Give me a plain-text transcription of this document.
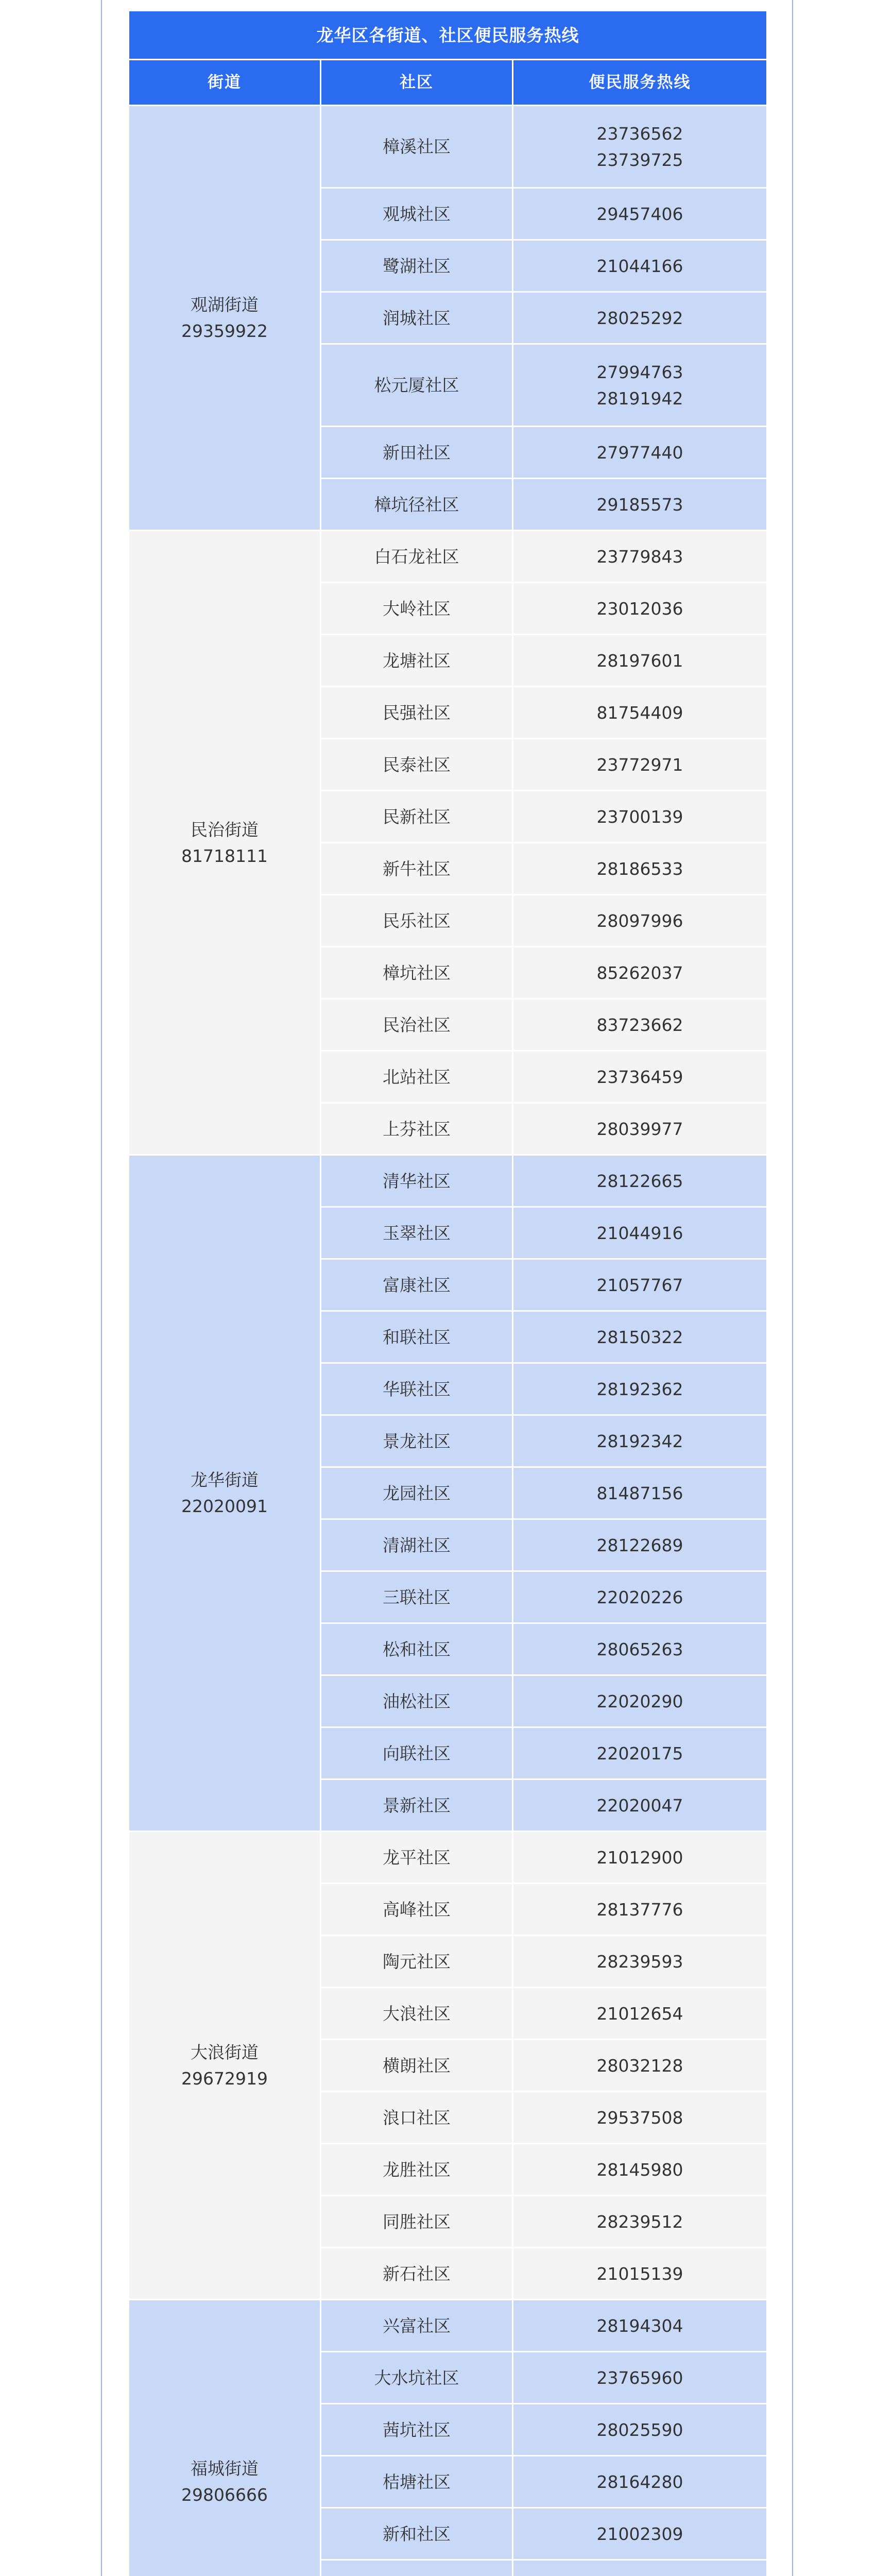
龙华区各街道、社区便民服务热线		
街道	社区	便民服务热线

观湖街道
29359922	樟溪社区	23736562
23739725

	观城社区	29457406

	鹭湖社区	21044166

	润城社区	28025292

	松元厦社区	27994763
28191942

	新田社区	27977440

	樟坑径社区	29185573

民治街道
81718111	白石龙社区	23779843

	大岭社区	23012036

	龙塘社区	28197601

	民强社区	81754409

	民泰社区	23772971

	民新社区	23700139

	新牛社区	28186533

	民乐社区	28097996

	樟坑社区	85262037

	民治社区	83723662

	北站社区	23736459

	上芬社区	28039977

龙华街道
22020091	清华社区	28122665

	玉翠社区	21044916

	富康社区	21057767

	和联社区	28150322

	华联社区	28192362

	景龙社区	28192342

	龙园社区	81487156

	清湖社区	28122689

	三联社区	22020226

	松和社区	28065263

	油松社区	22020290

	向联社区	22020175

	景新社区	22020047

大浪街道
29672919	龙平社区	21012900

	高峰社区	28137776

	陶元社区	28239593

	大浪社区	21012654

	横朗社区	28032128

	浪口社区	29537508

	龙胜社区	28145980

	同胜社区	28239512

	新石社区	21015139

福城街道
29806666	兴富社区	28194304

	大水坑社区	23765960

	茜坑社区	28025590

	桔塘社区	28164280

	新和社区	21002309
